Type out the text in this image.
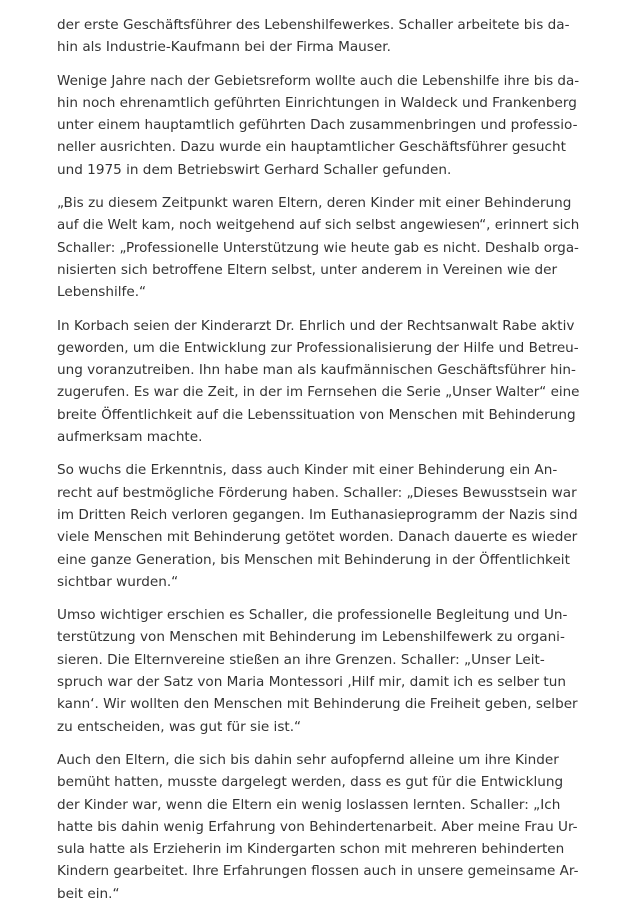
der erste Geschäftsführer des Lebenshilfewerkes. Schaller arbeitete bis da-
hin als Industrie-Kaufmann bei der Firma Mauser.

Wenige Jahre nach der Gebietsreform wollte auch die Lebenshilfe ihre bis da-
hin noch ehrenamtlich geführten Einrichtungen in Waldeck und Frankenberg
unter einem hauptamtlich geführten Dach zusammenbringen und professio-
neller ausrichten. Dazu wurde ein hauptamtlicher Geschäftsführer gesucht
und 1975 in dem Betriebswirt Gerhard Schaller gefunden.

„Bis zu diesem Zeitpunkt waren Eltern, deren Kinder mit einer Behinderung
auf die Welt kam, noch weitgehend auf sich selbst angewiesen“, erinnert sich
Schaller: „Professionelle Unterstützung wie heute gab es nicht. Deshalb orga-
nisierten sich betroffene Eltern selbst, unter anderem in Vereinen wie der
Lebenshilfe.“

In Korbach seien der Kinderarzt Dr. Ehrlich und der Rechtsanwalt Rabe aktiv
geworden, um die Entwicklung zur Professionalisierung der Hilfe und Betreu-
ung voranzutreiben. Ihn habe man als kaufmännischen Geschäftsführer hin-
zugerufen. Es war die Zeit, in der im Fernsehen die Serie „Unser Walter“ eine
breite Öffentlichkeit auf die Lebenssituation von Menschen mit Behinderung
aufmerksam machte.

So wuchs die Erkenntnis, dass auch Kinder mit einer Behinderung ein An-
recht auf bestmögliche Förderung haben. Schaller: „Dieses Bewusstsein war
im Dritten Reich verloren gegangen. Im Euthanasieprogramm der Nazis sind
viele Menschen mit Behinderung getötet worden. Danach dauerte es wieder
eine ganze Generation, bis Menschen mit Behinderung in der Öffentlichkeit
sichtbar wurden.“

Umso wichtiger erschien es Schaller, die professionelle Begleitung und Un-
terstützung von Menschen mit Behinderung im Lebenshilfewerk zu organi-
sieren. Die Elternvereine stießen an ihre Grenzen. Schaller: „Unser Leit-
spruch war der Satz von Maria Montessori ‚Hilf mir, damit ich es selber tun
kann‘. Wir wollten den Menschen mit Behinderung die Freiheit geben, selber
zu entscheiden, was gut für sie ist.“

Auch den Eltern, die sich bis dahin sehr aufopfernd alleine um ihre Kinder
bemüht hatten, musste dargelegt werden, dass es gut für die Entwicklung
der Kinder war, wenn die Eltern ein wenig loslassen lernten. Schaller: „Ich
hatte bis dahin wenig Erfahrung von Behindertenarbeit. Aber meine Frau Ur-
sula hatte als Erzieherin im Kindergarten schon mit mehreren behinderten
Kindern gearbeitet. Ihre Erfahrungen flossen auch in unsere gemeinsame Ar-
beit ein.“
